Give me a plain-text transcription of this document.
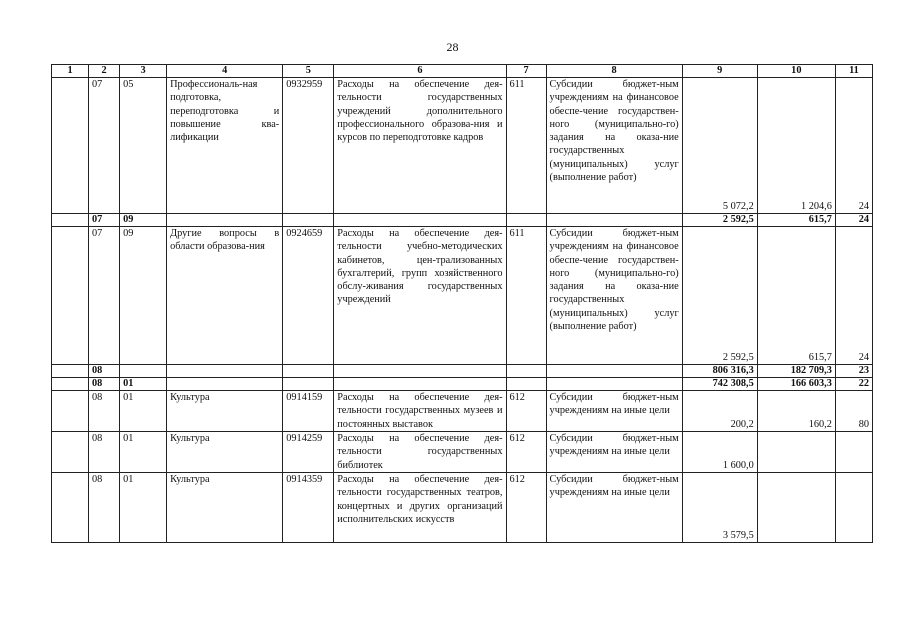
28
1	2	3	4	5	6	7	8	9	10	11
	07	05	Профессиональ-ная подготовка, переподготовка и повышение ква-лификации	0932959	Расходы на обеспечение дея-тельности государственных учреждений дополнительного профессионального образова-ния и курсов по переподготовке кадров	611	Субсидии бюджет-ным учреждениям на финансовое обеспе-чение государствен-ного (муниципально-го) задания на оказа-ние государственных (муниципальных) услуг (выполнение работ)	5 072,2	1 204,6	24
	07	09						2 592,5	615,7	24
	07	09	Другие вопросы в области образова-ния	0924659	Расходы на обеспечение дея-тельности учебно-методических кабинетов, цен-трализованных бухгалтерий, групп хозяйственного обслу-живания государственных учреждений	611	Субсидии бюджет-ным учреждениям на финансовое обеспе-чение государствен-ного (муниципально-го) задания на оказа-ние государственных (муниципальных) услуг (выполнение работ)	2 592,5	615,7	24
	08							806 316,3	182 709,3	23
	08	01						742 308,5	166 603,3	22
	08	01	Культура	0914159	Расходы на обеспечение дея-тельности государственных музеев и постоянных выставок	612	Субсидии бюджет-ным учреждениям на иные цели	200,2	160,2	80
	08	01	Культура	0914259	Расходы на обеспечение дея-тельности государственных библиотек	612	Субсидии бюджет-ным учреждениям на иные цели	1 600,0		
	08	01	Культура	0914359	Расходы на обеспечение дея-тельности государственных театров, концертных и других организаций исполнительских искусств	612	Субсидии бюджет-ным учреждениям на иные цели	3 579,5		
